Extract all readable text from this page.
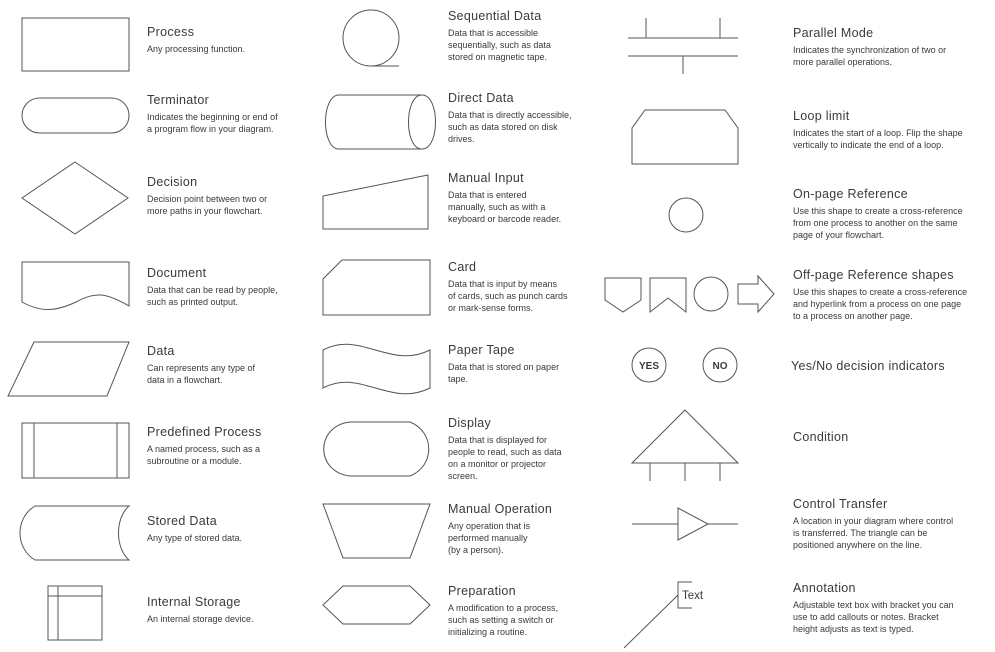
YES	NO
Text
Process
Any processing function.
Terminator
Indicates the beginning or end of
a program flow in your diagram.
Decision
Decision point between two or
more paths in your flowchart.
Document
Data that can be read by people,
such as printed output.
Data
Can represents any type of
data in a flowchart.
Predefined Process
A named process, such as a
subroutine or a module.
Stored Data
Any type of stored data.
Internal Storage
An internal storage device.
Sequential Data
Data that is accessible
sequentially, such as data
stored on magnetic tape.
Direct Data
Data that is directly accessible,
such as data stored on disk
drives.
Manual Input
Data that is entered
manually, such as with a
keyboard or barcode reader.
Card
Data that is input by means
of cards, such as punch cards
or mark-sense forms.
Paper Tape
Data that is stored on paper
tape.
Display
Data that is displayed for
people to read, such as data
on a monitor or projector
screen.
Manual Operation
Any operation that is
performed manually
(by a person).
Preparation
A modification to a process,
such as setting a switch or
initializing a routine.
Parallel Mode
Indicates the synchronization of two or
more parallel operations.
Loop limit
Indicates the start of a loop. Flip the shape
vertically to indicate the end of a loop.
On-page Reference
Use this shape to create a cross-reference
from one process to another on the same
page of your flowchart.
Off-page Reference shapes
Use this shapes to create a cross-reference
and hyperlink from a process on one page
to a process on another page.
Yes/No decision indicators
Condition
Control Transfer
A location in your diagram where control
is transferred. The triangle can be
positioned anywhere on the line.
Annotation
Adjustable text box with bracket you can
use to add callouts or notes. Bracket
height adjusts as text is typed.
